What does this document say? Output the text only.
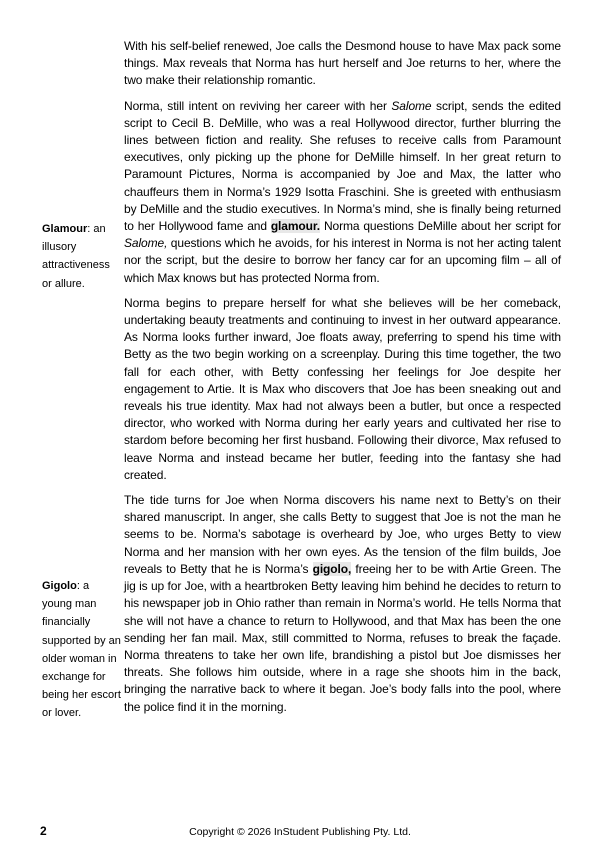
Glamour: an illusory attractiveness or allure.
Gigolo: a young man financially supported by an older woman in exchange for being her escort or lover.

With his self-belief renewed, Joe calls the Desmond house to have Max pack some things. Max reveals that Norma has hurt herself and Joe returns to her, where the two make their relationship romantic.

Norma, still intent on reviving her career with her Salome script, sends the edited script to Cecil B. DeMille, who was a real Hollywood director, further blurring the lines between fiction and reality. She refuses to receive calls from Paramount executives, only picking up the phone for DeMille himself. In her great return to Paramount Pictures, Norma is accompanied by Joe and Max, the latter who chauffeurs them in Norma’s 1929 Isotta Fraschini. She is greeted with enthusiasm by DeMille and the studio executives. In Norma’s mind, she is finally being returned to her Hollywood fame and glamour. Norma questions DeMille about her script for Salome, questions which he avoids, for his interest in Norma is not her acting talent nor the script, but the desire to borrow her fancy car for an upcoming film – all of which Max knows but has protected Norma from.

Norma begins to prepare herself for what she believes will be her comeback, undertaking beauty treatments and continuing to invest in her outward appearance. As Norma looks further inward, Joe floats away, preferring to spend his time with Betty as the two begin working on a screenplay. During this time together, the two fall for each other, with Betty confessing her feelings for Joe despite her engagement to Artie. It is Max who discovers that Joe has been sneaking out and reveals his true identity. Max had not always been a butler, but once a respected director, who worked with Norma during her early years and cultivated her rise to stardom before becoming her first husband. Following their divorce, Max refused to leave Norma and instead became her butler, feeding into the fantasy she had created.

The tide turns for Joe when Norma discovers his name next to Betty’s on their shared manuscript. In anger, she calls Betty to suggest that Joe is not the man he seems to be. Norma’s sabotage is overheard by Joe, who urges Betty to view Norma and her mansion with her own eyes. As the tension of the film builds, Joe reveals to Betty that he is Norma’s gigolo, freeing her to be with Artie Green. The jig is up for Joe, with a heartbroken Betty leaving him behind he decides to return to his newspaper job in Ohio rather than remain in Norma’s world. He tells Norma that she will not have a chance to return to Hollywood, and that Max has been the one sending her fan mail. Max, still committed to Norma, refuses to break the façade. Norma threatens to take her own life, brandishing a pistol but Joe dismisses her threats. She follows him outside, where in a rage she shoots him in the back, bringing the narrative back to where it began. Joe’s body falls into the pool, where the police find it in the morning.

2	Copyright © 2026 InStudent Publishing Pty. Ltd.
